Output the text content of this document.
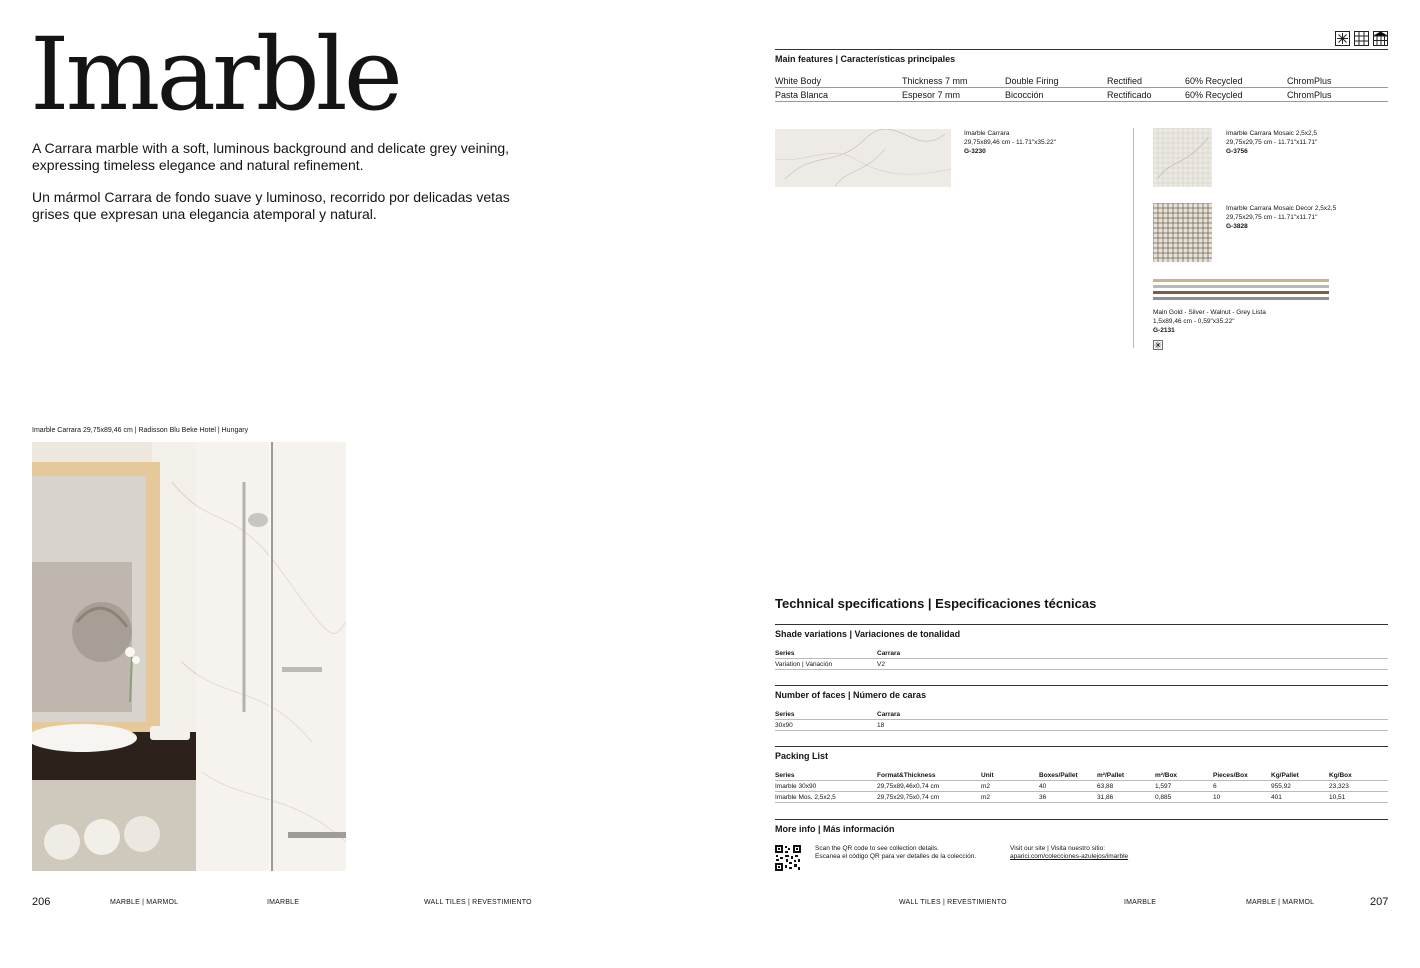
Imarble

A Carrara marble with a soft, luminous background and delicate grey veining, expressing timeless elegance and natural refinement.

Un mármol Carrara de fondo suave y luminoso, recorrido por delicadas vetas grises que expresan una elegancia atemporal y natural.

Imarble Carrara 29,75x89,46 cm | Radisson Blu Beke Hotel | Hungary
206	MARBLE | MARMOL	IMARBLE	WALL TILES | REVESTIMIENTO
Main features | Características principales
White Body	Thickness 7 mm	Double Firing	Rectified	60% Recycled	ChromPlus
Pasta Blanca	Espesor 7 mm	Bicocción	Rectificado	60% Recycled	ChromPlus
Imarble Carrara
29,75x89,46 cm - 11.71"x35.22"
G-3230
Imarble Carrara Mosaic 2,5x2,5
29,75x29,75 cm - 11.71"x11.71"
G-3756
Imarble Carrara Mosaic Decor 2,5x2,5
29,75x29,75 cm - 11.71"x11.71"
G-3828
Main Gold - Silver - Walnut - Grey Lista
1,5x89,46 cm - 0,59"x35.22"
G-2131
Technical specifications | Especificaciones técnicas
Shade variations | Variaciones de tonalidad
Series	Carrara
Variation | Variación	V2
Number of faces | Número de caras
Series	Carrara
30x90	18
Packing List
Series	Format&Thickness	Unit	Boxes/Pallet	m²/Pallet	m²/Box	Pieces/Box	Kg/Pallet	Kg/Box
Imarble 30x90	29,75x89,46x0,74 cm	m2	40	63,88	1,597	6	955,92	23,323
Imarble Mos. 2,5x2,5	29,75x29,75x0,74 cm	m2	36	31,86	0,885	10	401	10,51
More info | Más información
Scan the QR code to see collection details.
Escanea el código QR para ver detalles de la colección.
Visit our site | Visita nuestro sitio:
aparici.com/colecciones-azulejos/imarble
WALL TILES | REVESTIMIENTO	IMARBLE	MARBLE | MARMOL	207
